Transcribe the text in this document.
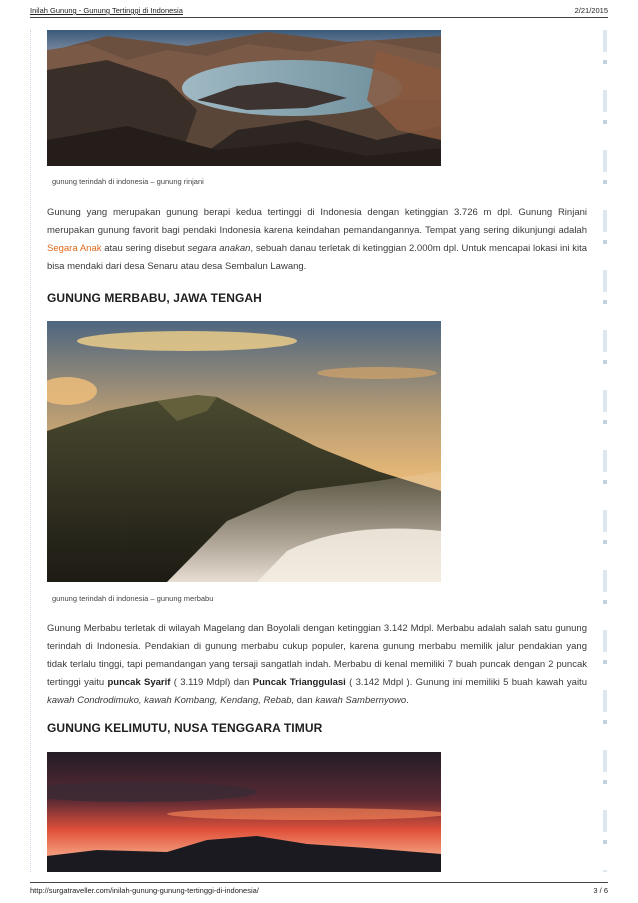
Inilah Gunung - Gunung Tertinggi di Indonesia	2/21/2015
gunung terindah di indonesia – gunung rinjani

Gunung yang merupakan gunung berapi kedua tertinggi di Indonesia dengan ketinggian 3.726 m dpl. Gunung Rinjani merupakan gunung favorit bagi pendaki Indonesia karena keindahan pemandangannya. Tempat yang sering dikunjungi adalah Segara Anak atau sering disebut segara anakan, sebuah danau terletak di ketinggian 2.000m dpl. Untuk mencapai lokasi ini kita bisa mendaki dari desa Senaru atau desa Sembalun Lawang.

GUNUNG MERBABU, JAWA TENGAH
gunung terindah di indonesia – gunung merbabu

Gunung Merbabu terletak di wilayah Magelang dan Boyolali dengan ketinggian 3.142 Mdpl. Merbabu adalah salah satu gunung terindah di Indonesia. Pendakian di gunung merbabu cukup populer, karena gunung merbabu memilik jalur pendakian yang tidak terlalu tinggi, tapi pemandangan yang tersaji sangatlah indah. Merbabu di kenal memiliki 7 buah puncak dengan 2 puncak tertinggi yaitu puncak Syarif ( 3.119 Mdpl) dan Puncak Trianggulasi ( 3.142 Mdpl ). Gunung ini memiliki 5 buah kawah yaitu kawah Condrodimuko, kawah Kombang, Kendang, Rebab, dan kawah Sambernyowo.

GUNUNG KELIMUTU, NUSA TENGGARA TIMUR
http://surgatraveller.com/inilah-gunung-gunung-tertinggi-di-indonesia/	3 / 6
